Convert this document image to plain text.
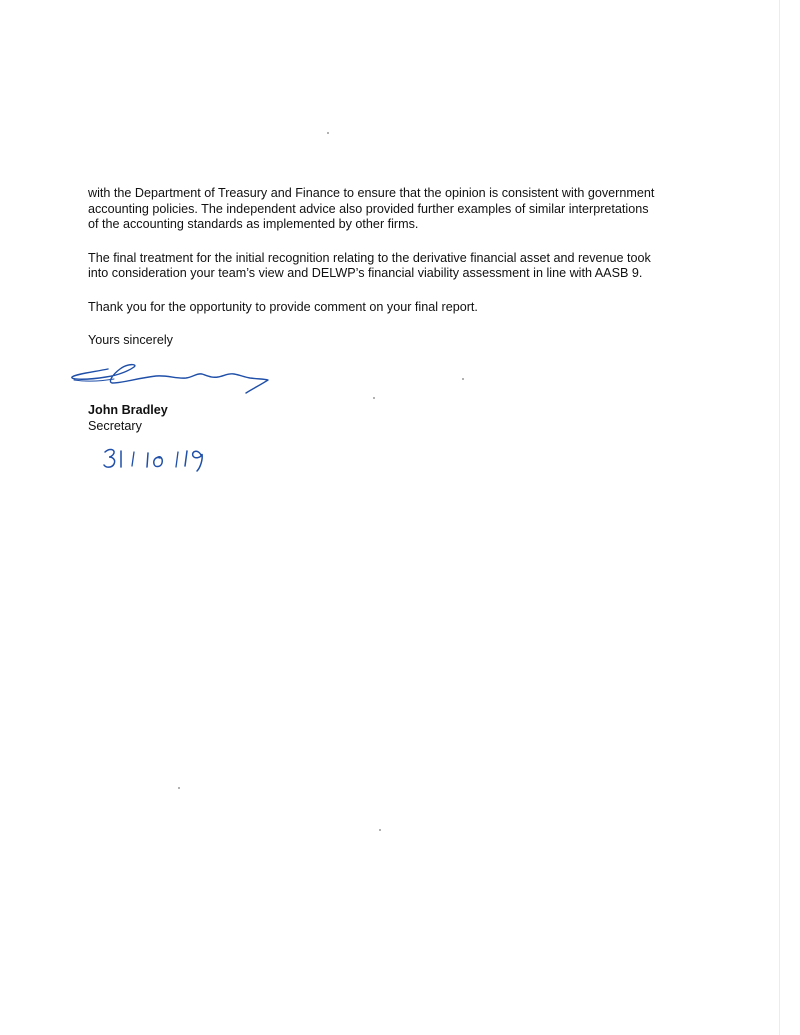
with the Department of Treasury and Finance to ensure that the opinion is consistent with government
accounting policies. The independent advice also provided further examples of similar interpretations
of the accounting standards as implemented by other firms.

The final treatment for the initial recognition relating to the derivative financial asset and revenue took
into consideration your team’s view and DELWP’s financial viability assessment in line with AASB 9.

Thank you for the opportunity to provide comment on your final report.

Yours sincerely

John Bradley

Secretary
